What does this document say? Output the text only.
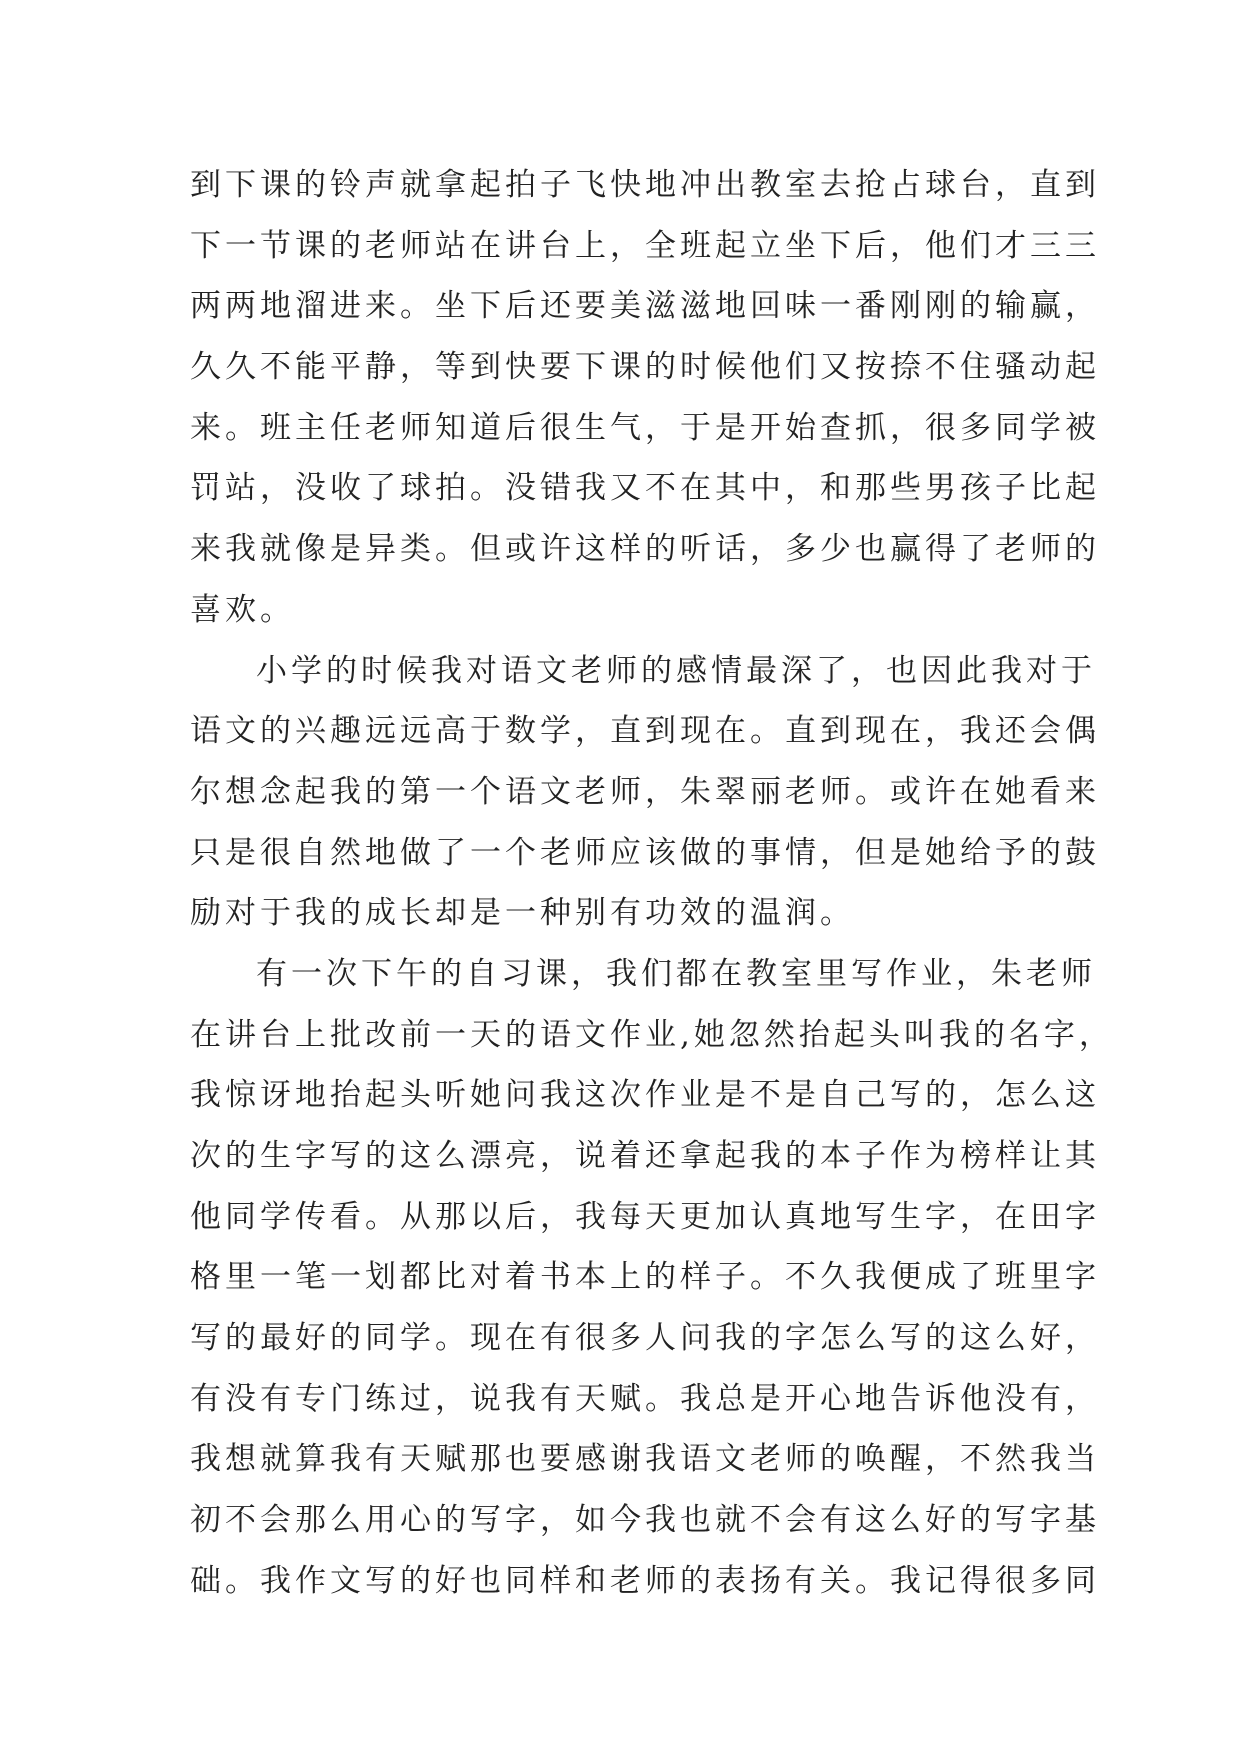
到下课的铃声就拿起拍子飞快地冲出教室去抢占球台，直到
下一节课的老师站在讲台上，全班起立坐下后，他们才三三
两两地溜进来。坐下后还要美滋滋地回味一番刚刚的输赢，
久久不能平静，等到快要下课的时候他们又按捺不住骚动起
来。班主任老师知道后很生气，于是开始查抓，很多同学被
罚站，没收了球拍。没错我又不在其中，和那些男孩子比起
来我就像是异类。但或许这样的听话，多少也赢得了老师的
喜欢。
小学的时候我对语文老师的感情最深了，也因此我对于
语文的兴趣远远高于数学，直到现在。直到现在，我还会偶
尔想念起我的第一个语文老师，朱翠丽老师。或许在她看来
只是很自然地做了一个老师应该做的事情，但是她给予的鼓
励对于我的成长却是一种别有功效的温润。
有一次下午的自习课，我们都在教室里写作业，朱老师
在讲台上批改前一天的语文作业,她忽然抬起头叫我的名字，
我惊讶地抬起头听她问我这次作业是不是自己写的，怎么这
次的生字写的这么漂亮，说着还拿起我的本子作为榜样让其
他同学传看。从那以后，我每天更加认真地写生字，在田字
格里一笔一划都比对着书本上的样子。不久我便成了班里字
写的最好的同学。现在有很多人问我的字怎么写的这么好，
有没有专门练过，说我有天赋。我总是开心地告诉他没有，
我想就算我有天赋那也要感谢我语文老师的唤醒，不然我当
初不会那么用心的写字，如今我也就不会有这么好的写字基
础。我作文写的好也同样和老师的表扬有关。我记得很多同
